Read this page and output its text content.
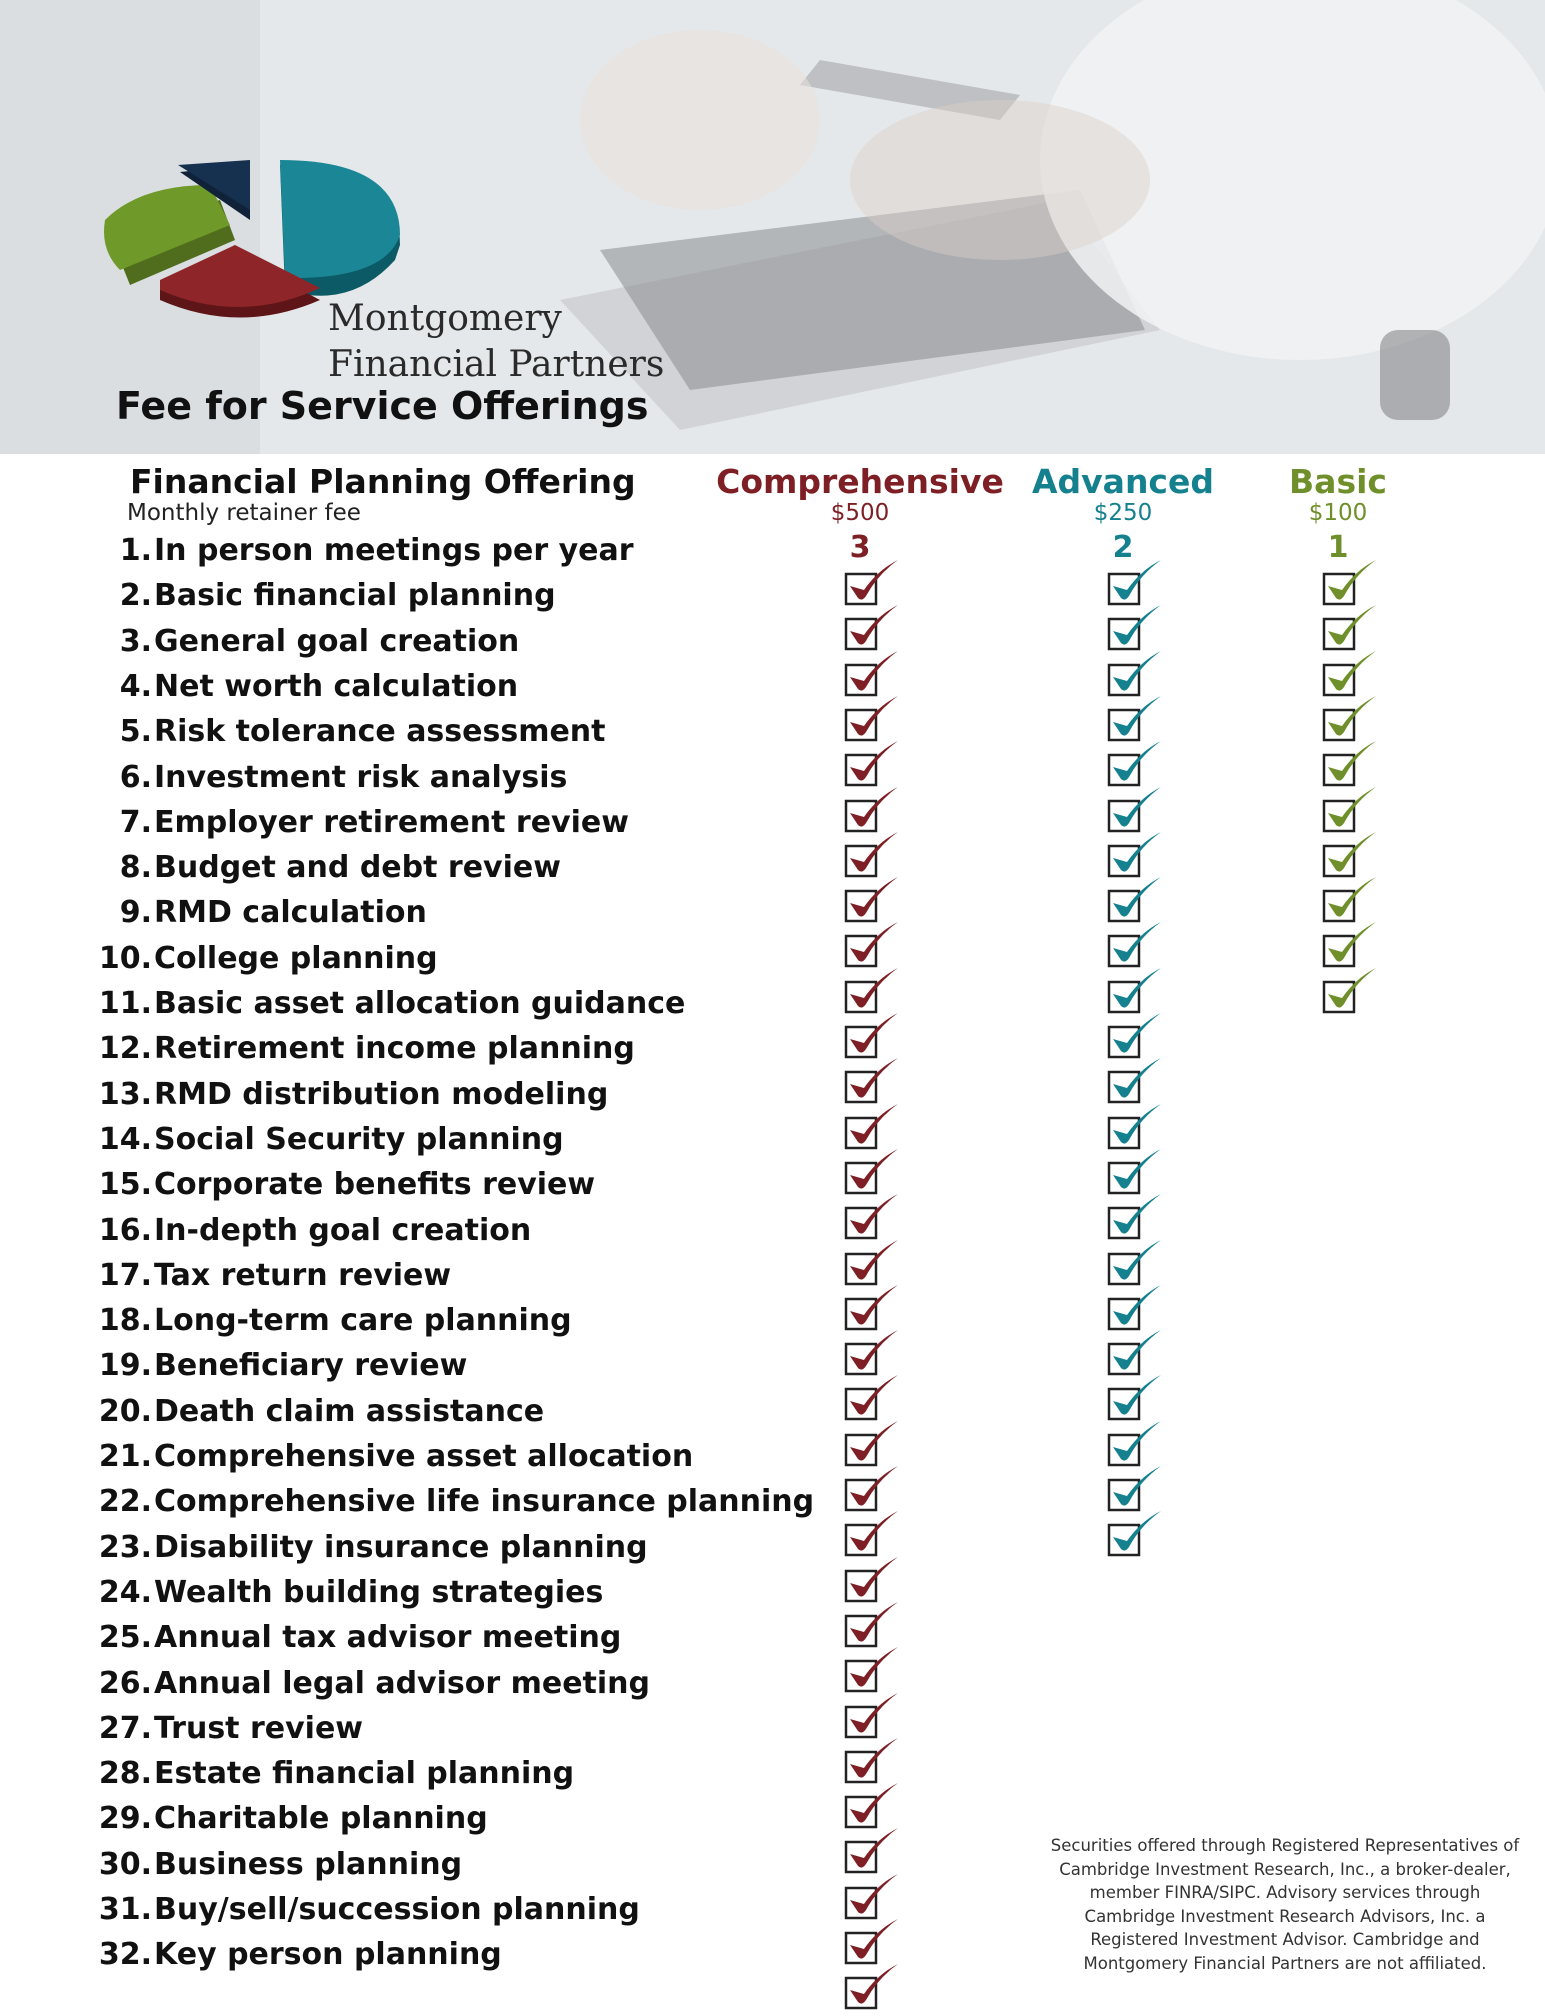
Montgomery
Financial Partners
Fee for Service Offerings
Financial Planning Offering
Monthly retainer fee
Comprehensive
$500
3
Advanced
$250
2
Basic
$100
1
1. In person meetings per year
2. Basic financial planning
3. General goal creation
4. Net worth calculation
5. Risk tolerance assessment
6. Investment risk analysis
7. Employer retirement review
8. Budget and debt review
9. RMD calculation
10. College planning
11. Basic asset allocation guidance
12. Retirement income planning
13. RMD distribution modeling
14. Social Security planning
15. Corporate benefits review
16. In-depth goal creation
17. Tax return review
18. Long-term care planning
19. Beneficiary review
20. Death claim assistance
21. Comprehensive asset allocation
22. Comprehensive life insurance planning
23. Disability insurance planning
24. Wealth building strategies
25. Annual tax advisor meeting
26. Annual legal advisor meeting
27. Trust review
28. Estate financial planning
29. Charitable planning
30. Business planning
31. Buy/sell/succession planning
32. Key person planning

Securities offered through Registered Representatives of Cambridge Investment Research, Inc., a broker-dealer, member FINRA/SIPC. Advisory services through Cambridge Investment Research Advisors, Inc. a Registered Investment Advisor. Cambridge and Montgomery Financial Partners are not affiliated.
